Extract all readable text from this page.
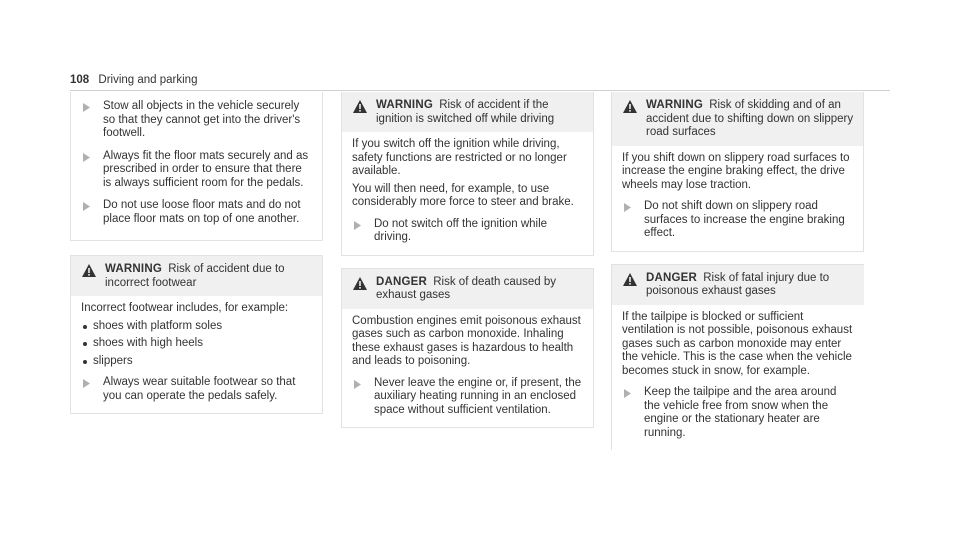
108 Driving and parking
Stow all objects in the vehicle securely so that they cannot get into the driver's footwell.
Always fit the floor mats securely and as prescribed in order to ensure that there is always sufficient room for the pedals.
Do not use loose floor mats and do not place floor mats on top of one another.
WARNING Risk of accident due to incorrect footwear

Incorrect footwear includes, for example:

shoes with platform soles
shoes with high heels
slippers
Always wear suitable footwear so that you can operate the pedals safely.
WARNING Risk of accident if the ignition is switched off while driving

If you switch off the ignition while driving, safety functions are restricted or no longer available.

You will then need, for example, to use considerably more force to steer and brake.

Do not switch off the ignition while driving.
DANGER Risk of death caused by exhaust gases

Combustion engines emit poisonous exhaust gases such as carbon monoxide. Inhaling these exhaust gases is hazardous to health and leads to poisoning.

Never leave the engine or, if present, the auxiliary heating running in an enclosed space without sufficient ventilation.
WARNING Risk of skidding and of an accident due to shifting down on slippery road surfaces

If you shift down on slippery road surfaces to increase the engine braking effect, the drive wheels may lose traction.

Do not shift down on slippery road surfaces to increase the engine braking effect.
DANGER Risk of fatal injury due to poisonous exhaust gases

If the tailpipe is blocked or sufficient ventilation is not possible, poisonous exhaust gases such as carbon monoxide may enter the vehicle. This is the case when the vehicle becomes stuck in snow, for example.

Keep the tailpipe and the area around the vehicle free from snow when the engine or the stationary heater are running.
